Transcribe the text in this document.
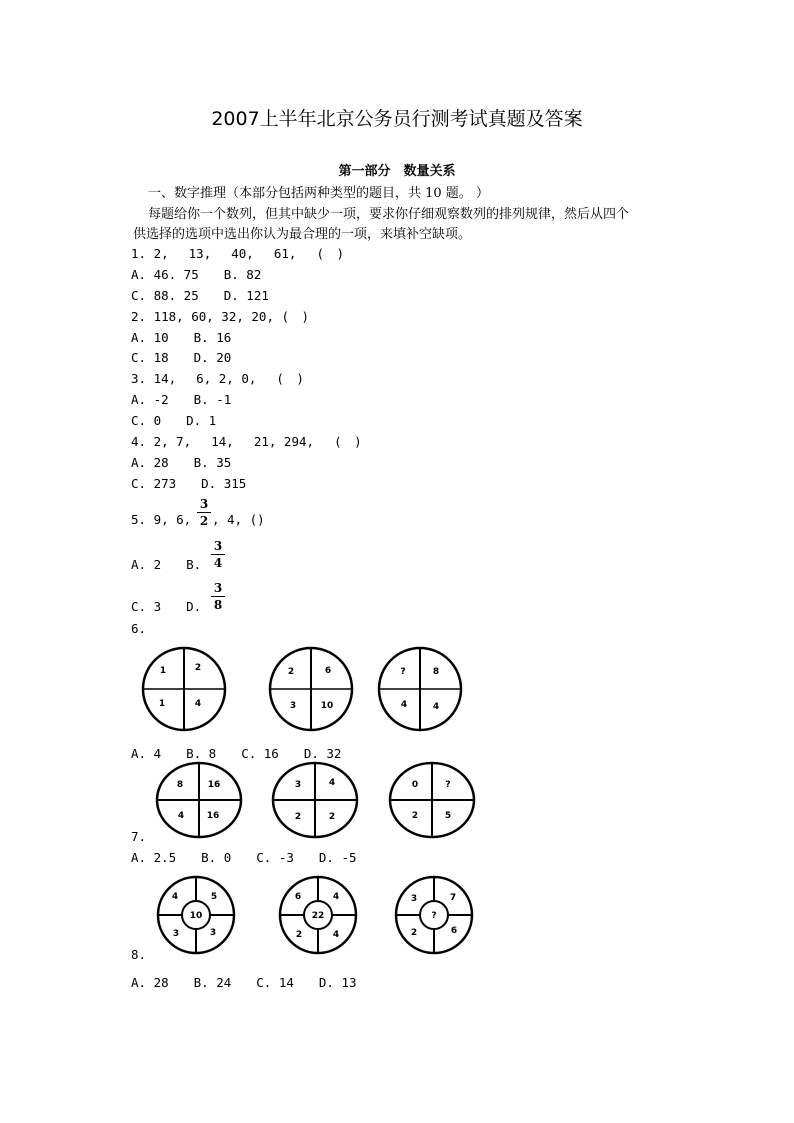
2007上半年北京公务员行测考试真题及答案
第一部分　数量关系
一、数字推理（本部分包括两种类型的题目，共 10 题。 ）
每题给你一个数列，但其中缺少一项，要求你仔细观察数列的排列规律，然后从四个
供选择的选项中选出你认为最合理的一项，来填补空缺项。
1. 2,　 13,　 40,　 61,　 (　)
A. 46. 75　　B. 82
C. 88. 25　　D. 121
2. 118, 60, 32, 20, (　)
A. 10　　B. 16
C. 18　　D. 20
3. 14,　 6, 2, 0,　 (　)
A. -2　　B. -1
C. 0　　D. 1
4. 2, 7,　 14,　 21, 294,　 (　)
A. 28　　B. 35
C. 273　　D. 315
5. 9, 6,
3
2 , 4, ()
A. 2　　B.
3
4
C. 3　　D.
3
8
6.
1	2
1	4
2	6
3	10
?	8
4	4
A. 4　　B. 8　　C. 16　　D. 32
8	16
4	16
3	4
2	2
0	?
2	5
7.
A. 2.5　　B. 0　　C. -3　　D. -5
4	5
3	3
10
6	4
2	4
22
3	7
2	6
?
8.
A. 28　　B. 24　　C. 14　　D. 13
